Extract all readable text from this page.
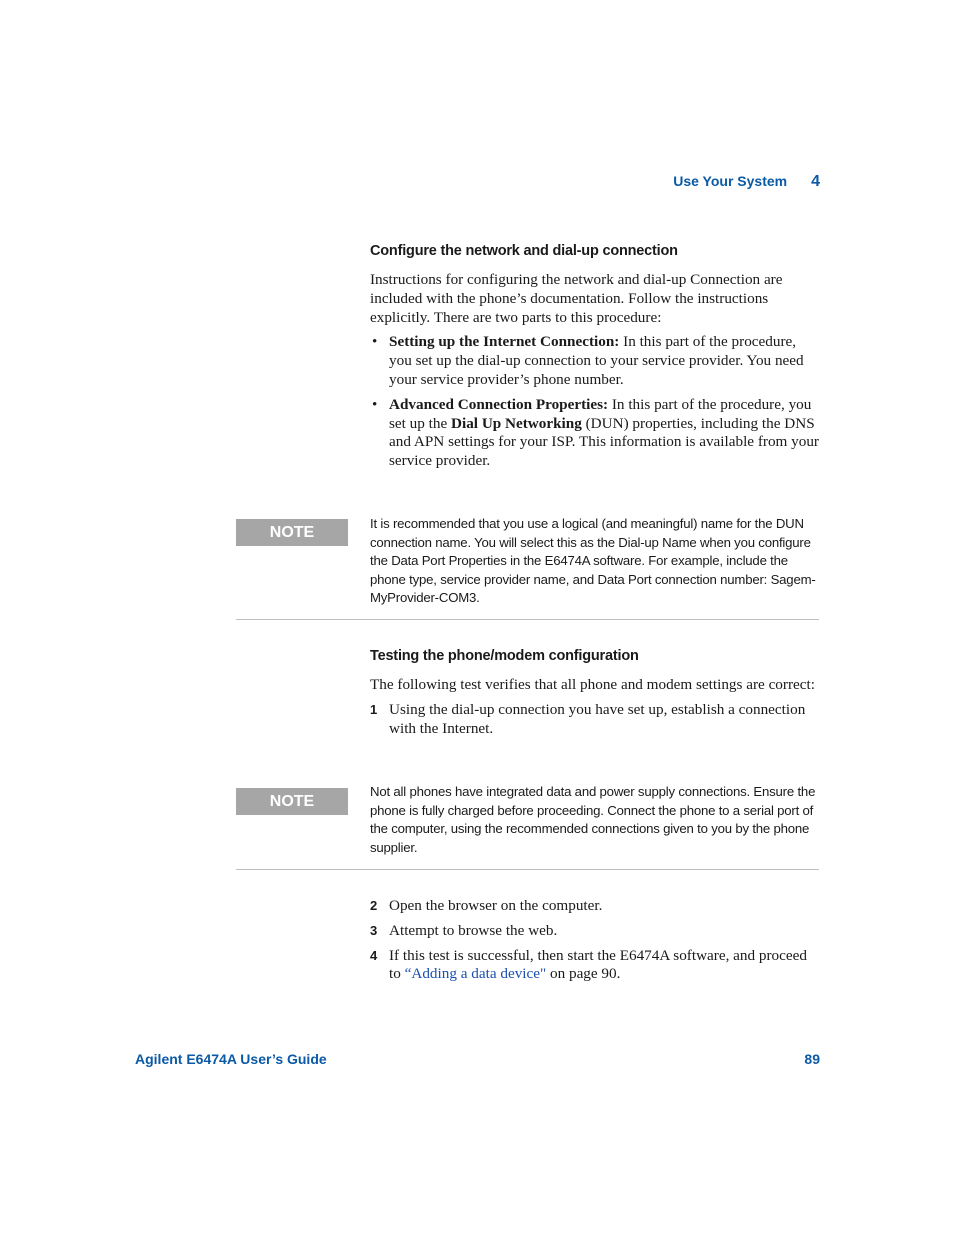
Use Your System 4
Configure the network and dial-up connection

Instructions for configuring the network and dial-up Connection are included with the phone’s documentation. Follow the instructions explicitly. There are two parts to this procedure:

• Setting up the Internet Connection: In this part of the procedure, you set up the dial-up connection to your service provider. You need your service provider’s phone number.
• Advanced Connection Properties: In this part of the procedure, you set up the Dial Up Networking (DUN) properties, including the DNS and APN settings for your ISP. This information is available from your service provider.
NOTE	It is recommended that you use a logical (and meaningful) name for the DUN connection name. You will select this as the Dial-up Name when you configure the Data Port Properties in the E6474A software. For example, include the phone type, service provider name, and Data Port connection number: Sagem-MyProvider-COM3.
Testing the phone/modem configuration

The following test verifies that all phone and modem settings are correct:

1 Using the dial-up connection you have set up, establish a connection with the Internet.
NOTE
Not all phones have integrated data and power supply connections. Ensure the phone is fully charged before proceeding. Connect the phone to a serial port of the computer, using the recommended connections given to you by the phone supplier.
2 Open the browser on the computer.
3 Attempt to browse the web.
4 If this test is successful, then start the E6474A software, and proceed to “Adding a data device" on page 90.
Agilent E6474A User’s Guide	89
